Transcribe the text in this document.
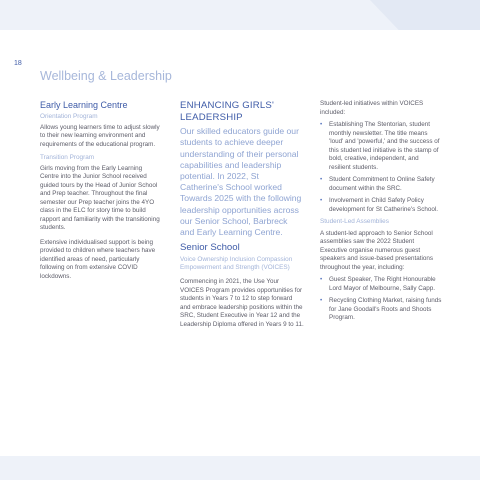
18
Wellbeing & Leadership

Early Learning Centre

Orientation Program

Allows young learners time to adjust slowly to their new learning environment and requirements of the educational program.

Transition Program

Girls moving from the Early Learning Centre into the Junior School received guided tours by the Head of Junior School and Prep teacher. Throughout the final semester our Prep teacher joins the 4YO class in the ELC for story time to build rapport and familiarity with the transitioning students.

Extensive individualised support is being provided to children where teachers have identified areas of need, particularly following on from extensive COVID lockdowns.

ENHANCING GIRLS' LEADERSHIP

Our skilled educators guide our students to achieve deeper understanding of their personal capabilities and leadership potential. In 2022, St Catherine's School worked Towards 2025 with the following leadership opportunities across our Senior School, Barbreck and Early Learning Centre.

Senior School

Voice Ownership Inclusion Compassion Empowerment and Strength (VOICES)

Commencing in 2021, the Use Your VOICES Program provides opportunities for students in Years 7 to 12 to step forward and embrace leadership positions within the SRC, Student Executive in Year 12 and the Leadership Diploma offered in Years 9 to 11.

Student-led initiatives within VOICES included:

• Establishing The Stentorian, student monthly newsletter. The title means 'loud' and 'powerful,' and the success of this student led initiative is the stamp of bold, creative, independent, and resilient students.
• Student Commitment to Online Safety document within the SRC.
• Involvement in Child Safety Policy development for St Catherine's School.

Student-Led Assemblies

A student-led approach to Senior School assemblies saw the 2022 Student Executive organise numerous guest speakers and issue-based presentations throughout the year, including:

• Guest Speaker, The Right Honourable Lord Mayor of Melbourne, Sally Capp.
• Recycling Clothing Market, raising funds for Jane Goodall's Roots and Shoots Program.
